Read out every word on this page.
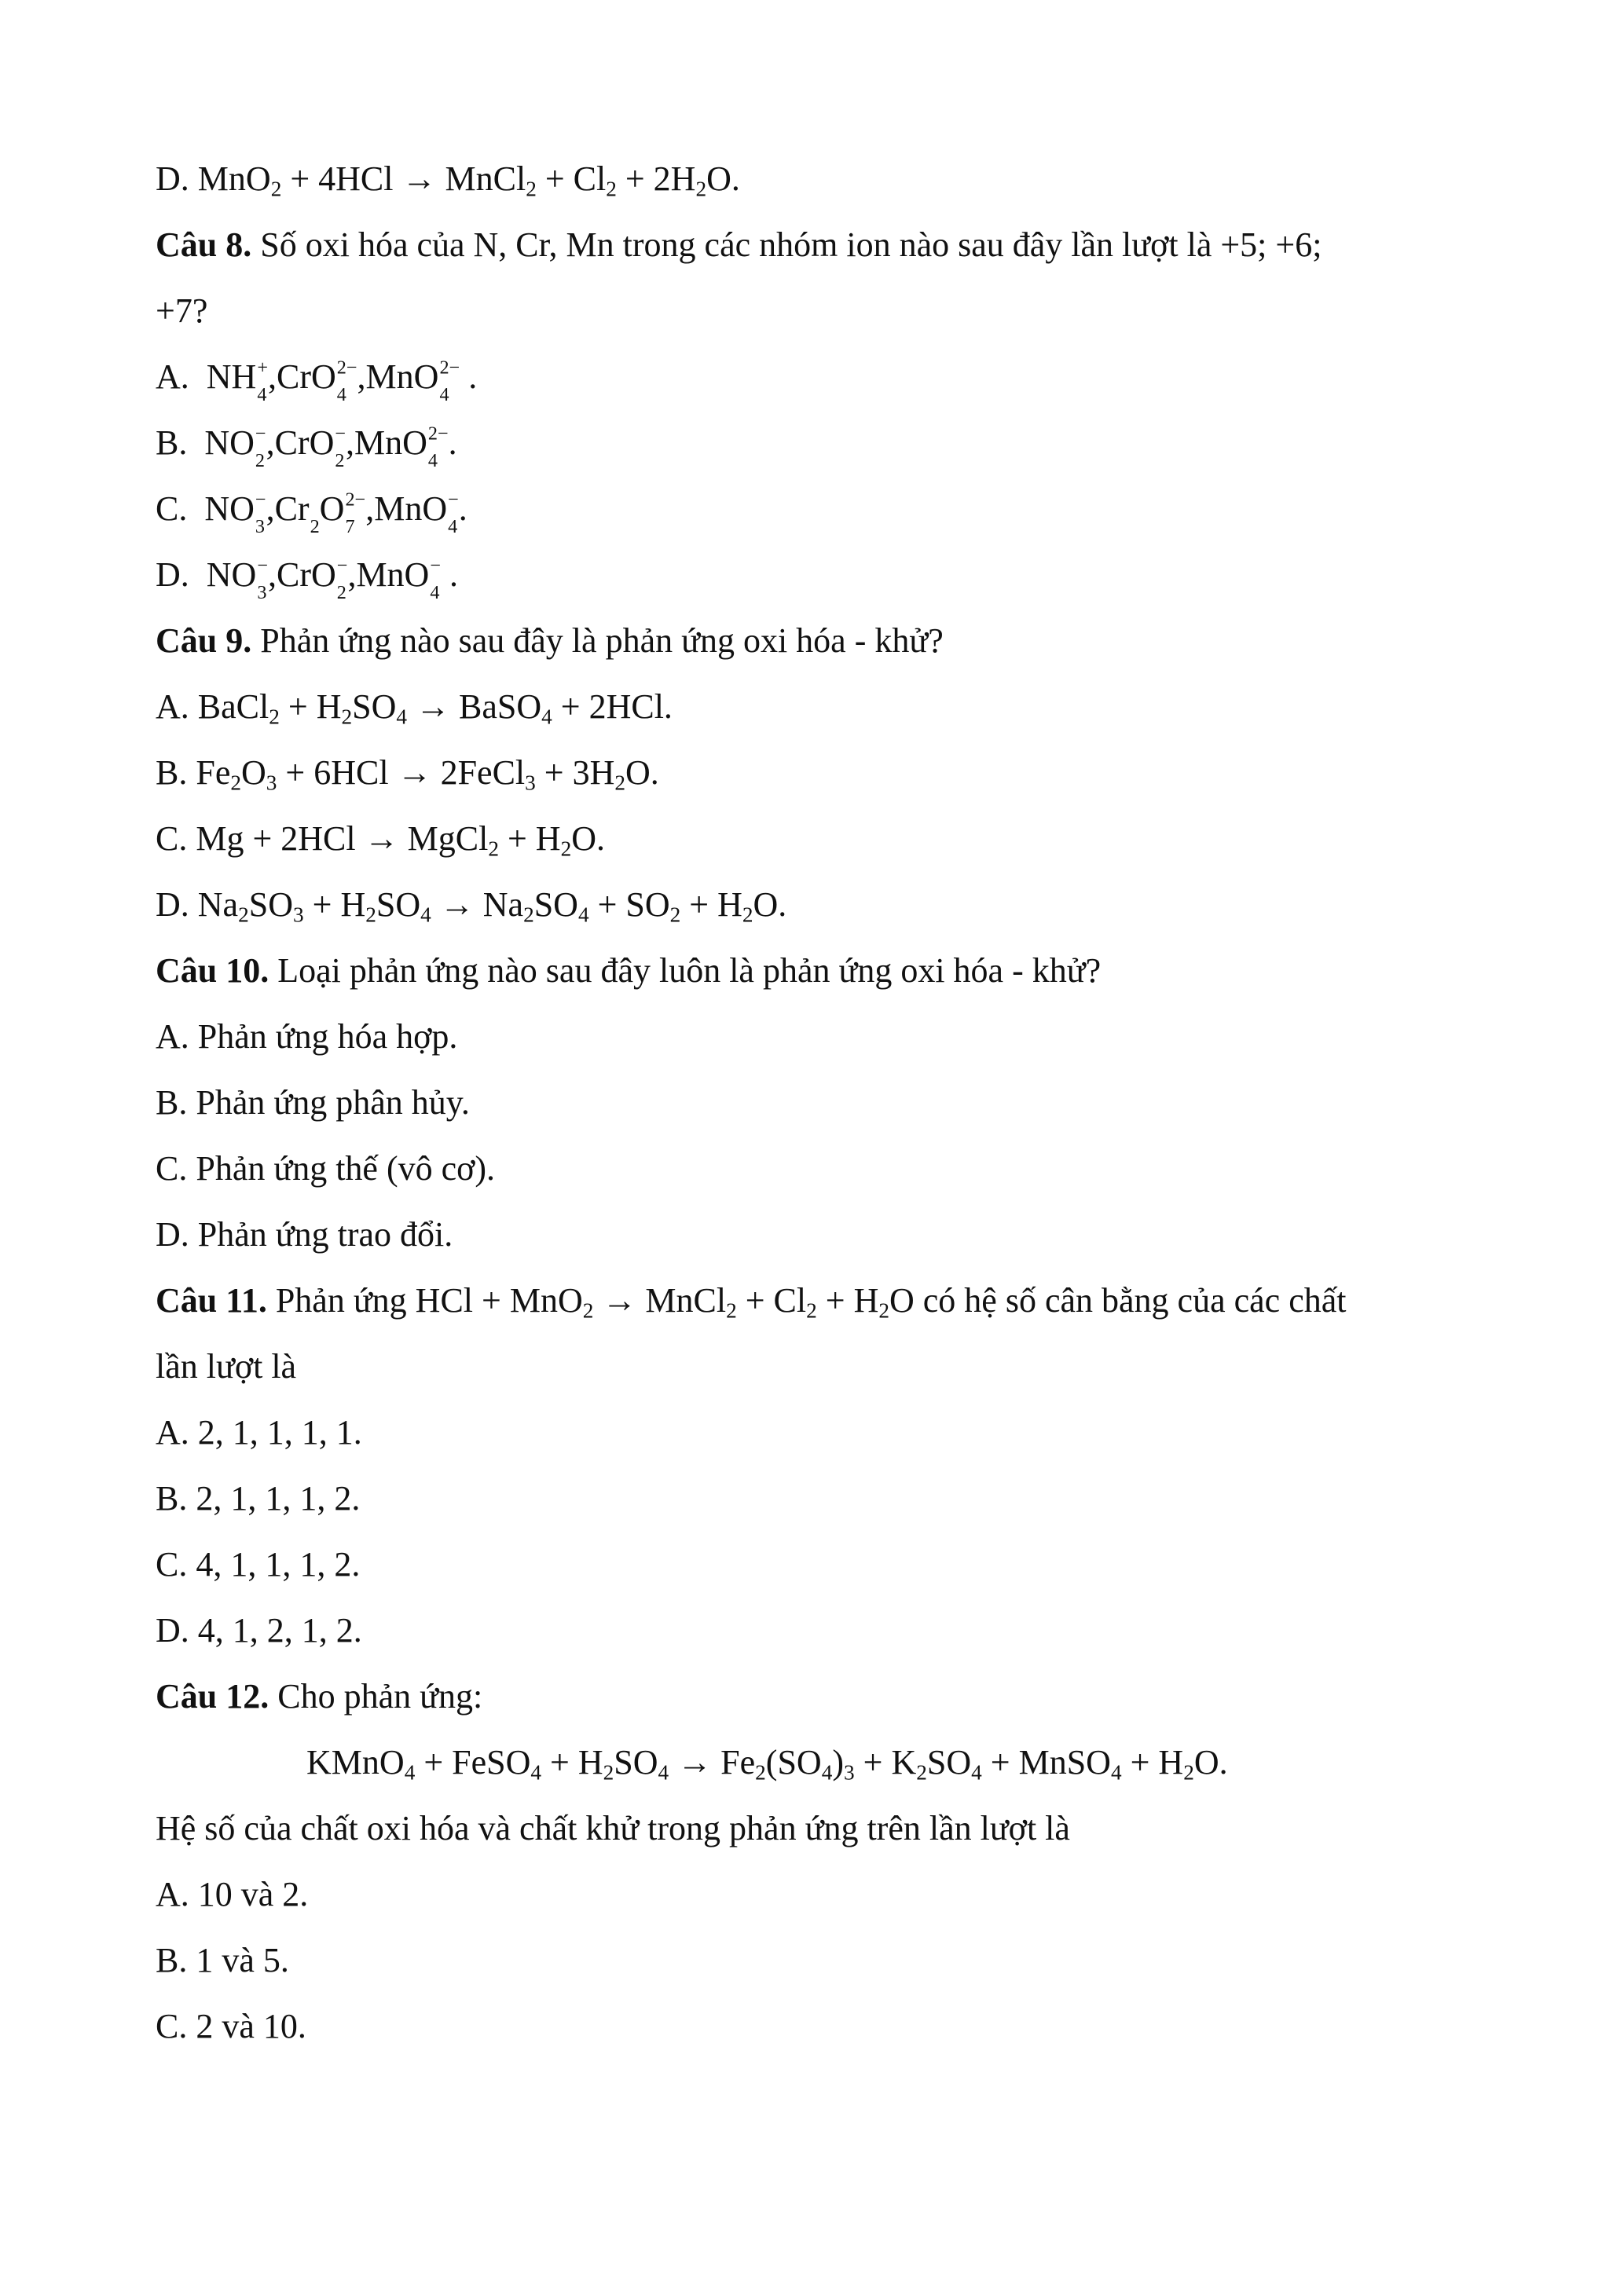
D. MnO$_2$ + 4HCl → MnCl$_2$ + $Cl_2 + 2H_2O$.
Câu 8. Số oxi hóa của N, Cr, Mn trong các nhóm ion nào sau đây lần lượt là +5; +6;
+7?
A. NH +
4 ,CrO 2−
4 ,MnO 2−
4 .
B. NO −
2 ,CrO −
2 ,MnO 2−
4 .
C. NO −
3 ,Cr
2 O 2−
7 ,MnO −
4 .
D. NO −
3 ,CrO −
2 ,MnO −
4 .
Câu 9. Phản ứng nào sau đây là phản ứng oxi hóa - khử?
A. BaCl$_2$ + $H_2SO_4$ → BaSO$_4$ + 2HCl.
B. $Fe_2O_3 + 6HCl$ → 2FeCl$_3$ + $3H_2O$.
C. Mg + 2HCl → MgCl$_2$ + $H_2O$.
D. $Na_2SO_3 + H_2SO_4 \to Na_2SO_4 + SO_2 + H_2O$.
Câu 10. Loại phản ứng nào sau đây luôn là phản ứng oxi hóa - khử?
A. Phản ứng hóa hợp.
B. Phản ứng phân hủy.
C. Phản ứng thế (vô cơ).
D. Phản ứng trao đổi.
Câu 11. Phản ứng HCl + MnO$_2$ → MnCl$_2$ + $Cl_2 + H_2O$ có hệ số cân bằng của các chất
lần lượt là
A. 2, 1, 1, 1, 1.
B. 2, 1, 1, 1, 2.
C. 4, 1, 1, 1, 2.
D. 4, 1, 2, 1, 2.
Câu 12. Cho phản ứng:
KMnO$_4$ + FeSO$_4$ + $H_2SO_4 \to Fe_2(SO_4)_3 + K_2SO_4$ + MnSO$_4$ + $H_2O$.
Hệ số của chất oxi hóa và chất khử trong phản ứng trên lần lượt là
A. 10 và 2.
B. 1 và 5.
C. 2 và 10.
